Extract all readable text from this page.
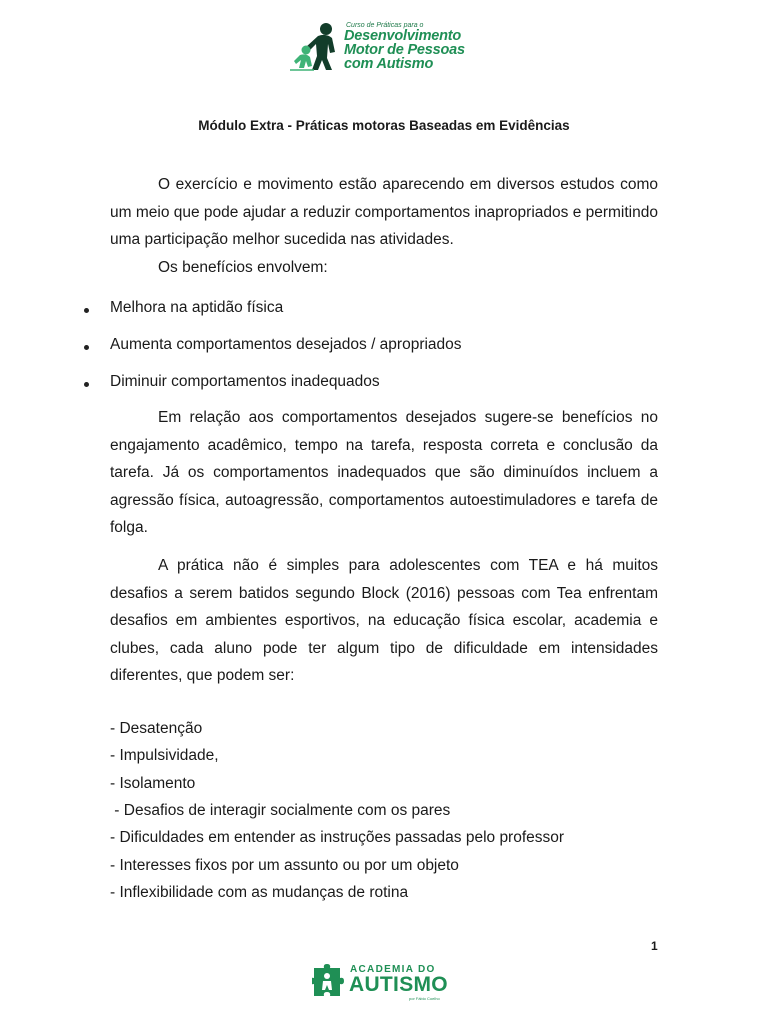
Curso de Práticas para o
Desenvolvimento
Motor de Pessoas
com Autismo
Módulo Extra - Práticas motoras Baseadas em Evidências
O exercício e movimento estão aparecendo em diversos estudos como um meio que pode ajudar a reduzir comportamentos inapropriados e permitindo uma participação melhor sucedida nas atividades.
Os benefícios envolvem:
Melhora na aptidão física
Aumenta comportamentos desejados / apropriados
Diminuir comportamentos inadequados
Em relação aos comportamentos desejados sugere-se benefícios no engajamento acadêmico, tempo na tarefa, resposta correta e conclusão da tarefa. Já os comportamentos inadequados que são diminuídos incluem a agressão física, autoagressão, comportamentos autoestimuladores e tarefa de folga.
A prática não é simples para adolescentes com TEA e há muitos desafios a serem batidos segundo Block (2016) pessoas com Tea enfrentam desafios em ambientes esportivos, na educação física escolar, academia e clubes, cada aluno pode ter algum tipo de dificuldade em intensidades diferentes, que podem ser:
- Desatenção
- Impulsividade,
- Isolamento
- Desafios de interagir socialmente com os pares
- Dificuldades em entender as instruções passadas pelo professor
- Interesses fixos por um assunto ou por um objeto
- Inflexibilidade com as mudanças de rotina
1
ACADEMIA DO
AUTISMO
por Fábio Coelho
